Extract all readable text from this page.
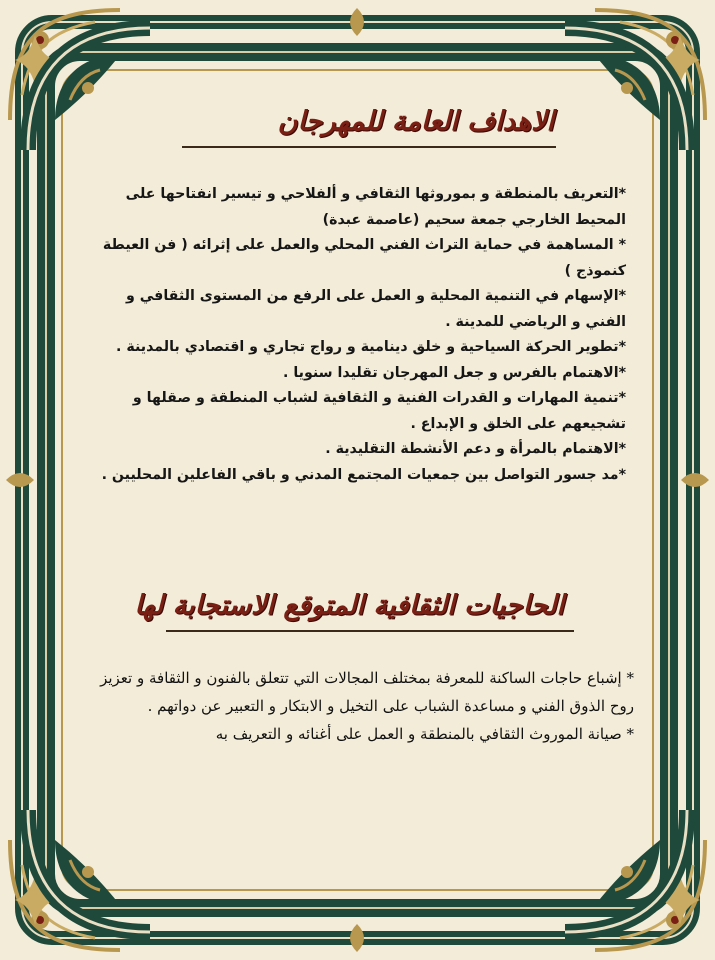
الاهداف العامة للمهرجان

*التعريف بالمنطقة و بموروثها الثقافي و ألفلاحي و تيسير انفتاحها على المحيط الخارجي جمعة سحيم (عاصمة عبدة)

* المساهمة في حماية التراث الفني المحلي والعمل على إثرائه ( فن العيطة كنموذج )

*الإسهام في التنمية المحلية و العمل على الرفع من المستوى الثقافي و الفني و الرياضي للمدينة .

*تطوير الحركة السياحية و خلق دينامية و رواج تجاري و اقتصادي بالمدينة .

*الاهتمام بالفرس و جعل المهرجان تقليدا سنويا .

*تنمية المهارات و القدرات الفنية و الثقافية لشباب المنطقة و صقلها و تشجيعهم على الخلق و الإبداع .

*الاهتمام بالمرأة و دعم الأنشطة التقليدية .

*مد جسور التواصل بين جمعيات المجتمع المدني و باقي الفاعلين المحليين .

الحاجيات الثقافية المتوقع الاستجابة لها

* إشباع حاجات الساكنة للمعرفة بمختلف المجالات التي تتعلق بالفنون و الثقافة و تعزيز روح الذوق الفني و مساعدة الشباب على التخيل و الابتكار و التعبير عن دواتهم .

* صيانة الموروث الثقافي بالمنطقة و العمل على أغنائه و التعريف به
